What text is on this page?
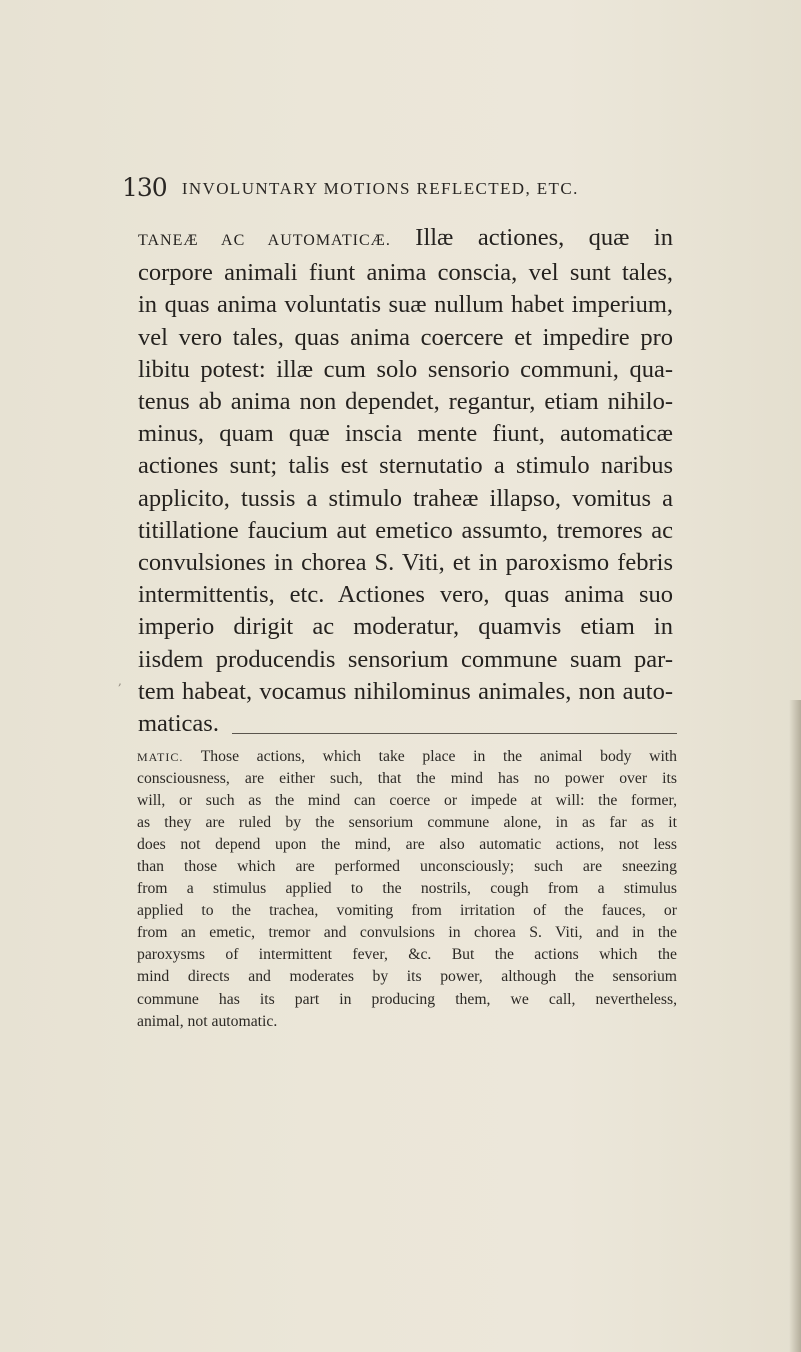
130 INVOLUNTARY MOTIONS REFLECTED, ETC.
TANEÆ AC AUTOMATICÆ. Illæ actiones, quæ in
corpore animali fiunt anima conscia, vel sunt tales,
in quas anima voluntatis suæ nullum habet imperium,
vel vero tales, quas anima coercere et impedire pro
libitu potest: illæ cum solo sensorio communi, qua-
tenus ab anima non dependet, regantur, etiam nihilo-
minus, quam quæ inscia mente fiunt, automaticæ
actiones sunt; talis est sternutatio a stimulo naribus
applicito, tussis a stimulo traheæ illapso, vomitus a
titillatione faucium aut emetico assumto, tremores ac
convulsiones in chorea S. Viti, et in paroxismo febris
intermittentis, etc. Actiones vero, quas anima suo
imperio dirigit ac moderatur, quamvis etiam in
iisdem producendis sensorium commune suam par-
tem habeat, vocamus nihilominus animales, non auto-
maticas.
,
MATIC. Those actions, which take place in the animal body with
consciousness, are either such, that the mind has no power over its
will, or such as the mind can coerce or impede at will: the former,
as they are ruled by the sensorium commune alone, in as far as it
does not depend upon the mind, are also automatic actions, not less
than those which are performed unconsciously; such are sneezing
from a stimulus applied to the nostrils, cough from a stimulus
applied to the trachea, vomiting from irritation of the fauces, or
from an emetic, tremor and convulsions in chorea S. Viti, and in the
paroxysms of intermittent fever, &c. But the actions which the
mind directs and moderates by its power, although the sensorium
commune has its part in producing them, we call, nevertheless,
animal, not automatic.
